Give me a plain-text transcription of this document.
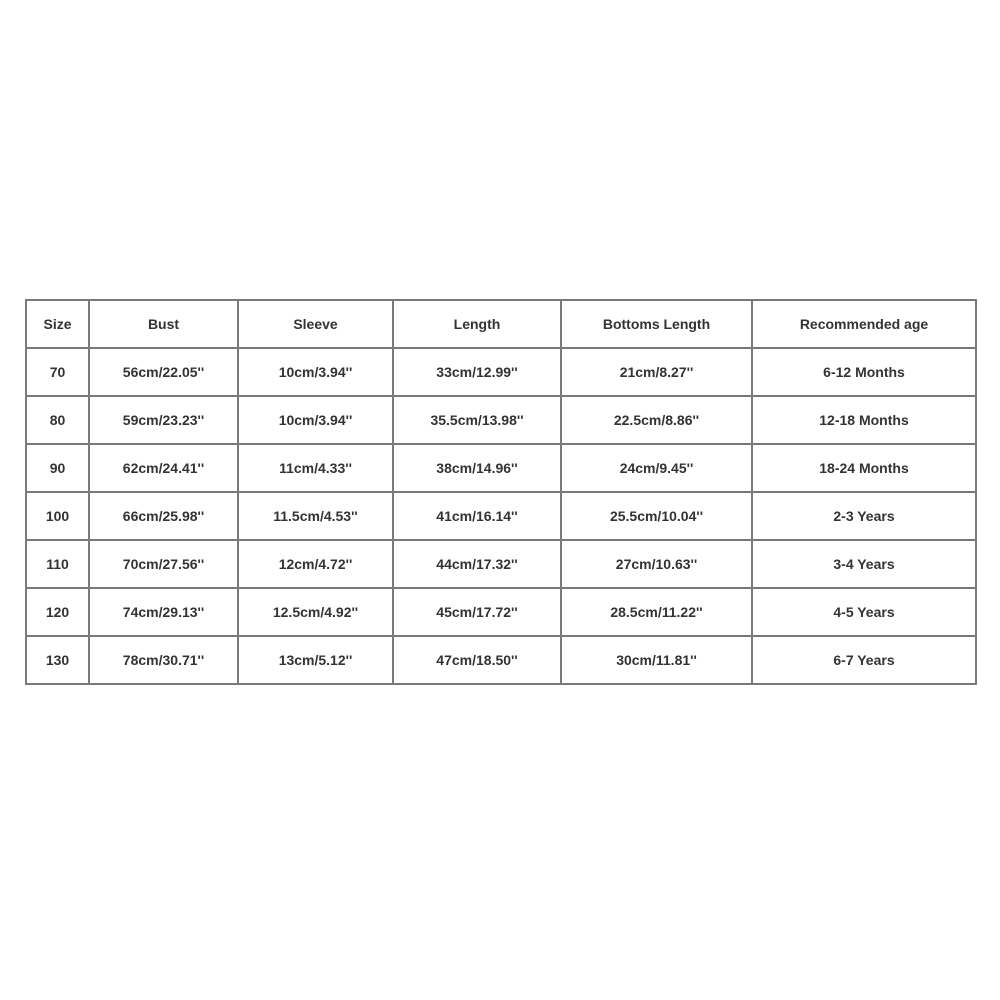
Size	Bust	Sleeve	Length	Bottoms Length	Recommended age
70	56cm/22.05''	10cm/3.94''	33cm/12.99''	21cm/8.27''	6-12 Months
80	59cm/23.23''	10cm/3.94''	35.5cm/13.98''	22.5cm/8.86''	12-18 Months
90	62cm/24.41''	11cm/4.33''	38cm/14.96''	24cm/9.45''	18-24 Months
100	66cm/25.98''	11.5cm/4.53''	41cm/16.14''	25.5cm/10.04''	2-3 Years
110	70cm/27.56''	12cm/4.72''	44cm/17.32''	27cm/10.63''	3-4 Years
120	74cm/29.13''	12.5cm/4.92''	45cm/17.72''	28.5cm/11.22''	4-5 Years
130	78cm/30.71''	13cm/5.12''	47cm/18.50''	30cm/11.81''	6-7 Years
